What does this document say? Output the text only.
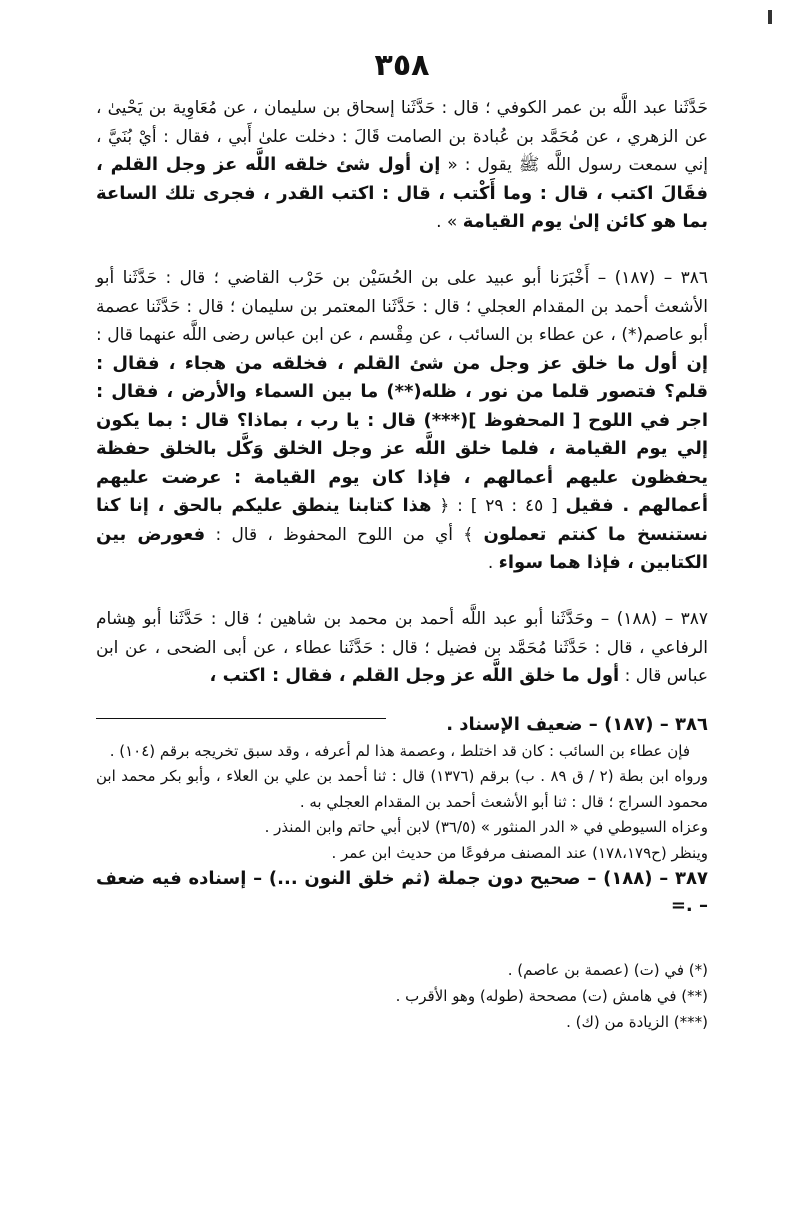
٣٥٨

حَدَّثَنا عبد اللَّه بن عمر الكوفي ؛ قال : حَدَّثَنا إسحاق بن سليمان ، عن مُعَاوِية بن يَحْيىٰ ، عن الزهري ، عن مُحَمَّد بن عُبادة بن الصامت قَالَ : دخلت علىٰ أَبي ، فقال : أيْ بُنَيَّ ، إني سمعت رسول اللَّه ﷺ يقول : « إن أول شئ خلقه اللَّه عز وجل القلم ، فقَالَ اكتب ، قال : وما أَكْتب ، قال : اكتب القدر ، فجرى تلك الساعة بما هو كائن إلىٰ يوم القيامة » .

٣٨٦ – (١٨٧) – أَخْبَرَنا أبو عبيد على بن الحُسَيْن بن حَرْب القاضي ؛ قال : حَدَّثَنا أبو الأشعث أحمد بن المقدام العجلي ؛ قال : حَدَّثَنا المعتمر بن سليمان ؛ قال : حَدَّثَنا عصمة أبو عاصم(*) ، عن عطاء بن السائب ، عن مِقْسم ، عن ابن عباس رضى اللَّه عنهما قال : إن أول ما خلق عز وجل من شئ القلم ، فخلقه من هجاء ، فقال : قلم؟ فتصور قلما من نور ، ظله(**) ما بين السماء والأرض ، فقال : اجر في اللوح [ المحفوظ ](***) قال : يا رب ، بماذا؟ قال : بما يكون إلي يوم القيامة ، فلما خلق اللَّه عز وجل الخلق وَكَّل بالخلق حفظة يحفظون عليهم أعمالهم ، فإذا كان يوم القيامة : عرضت عليهم أعمالهم . فقيل [ ٤٥ : ٢٩ ] : ﴿ هذا كتابنا ينطق عليكم بالحق ، إنا كنا نستنسخ ما كنتم تعملون ﴾ أي من اللوح المحفوظ ، قال : فعورض بين الكتابين ، فإذا هما سواء .

٣٨٧ – (١٨٨) – وحَدَّثَنا أبو عبد اللَّه أحمد بن محمد بن شاهين ؛ قال : حَدَّثَنا أبو هِشام الرفاعي ، قال : حَدَّثَنا مُحَمَّد بن فضيل ؛ قال : حَدَّثَنا عطاء ، عن أبى الضحى ، عن ابن عباس قال : أول ما خلق اللَّه عز وجل القلم ، فقال : اكتب ،

٣٨٦ – (١٨٧) – ضعيف الإسناد .

فإن عطاء بن السائب : كان قد اختلط ، وعصمة هذا لم أعرفه ، وقد سبق تخريجه برقم (١٠٤) .

ورواه ابن بطة (٢ / ق ٨٩ . ب) برقم (١٣٧٦) قال : ثنا أحمد بن علي بن العلاء ، وأبو بكر محمد ابن محمود السراج ؛ قال : ثنا أبو الأشعث أحمد بن المقدام العجلي به .

وعزاه السيوطي في « الدر المنثور » (٣٦/٥) لابن أبي حاتم وابن المنذر .

وينظر (ح١٧٨،١٧٩) عند المصنف مرفوعًا من حديث ابن عمر .

٣٨٧ – (١٨٨) – صحيح دون جملة (ثم خلق النون ...) – إسناده فيه ضعف – .=

(*) في (ت) (عصمة بن عاصم) .

(**) في هامش (ت) مصححة (طوله) وهو الأقرب .

(***) الزيادة من (ك) .
